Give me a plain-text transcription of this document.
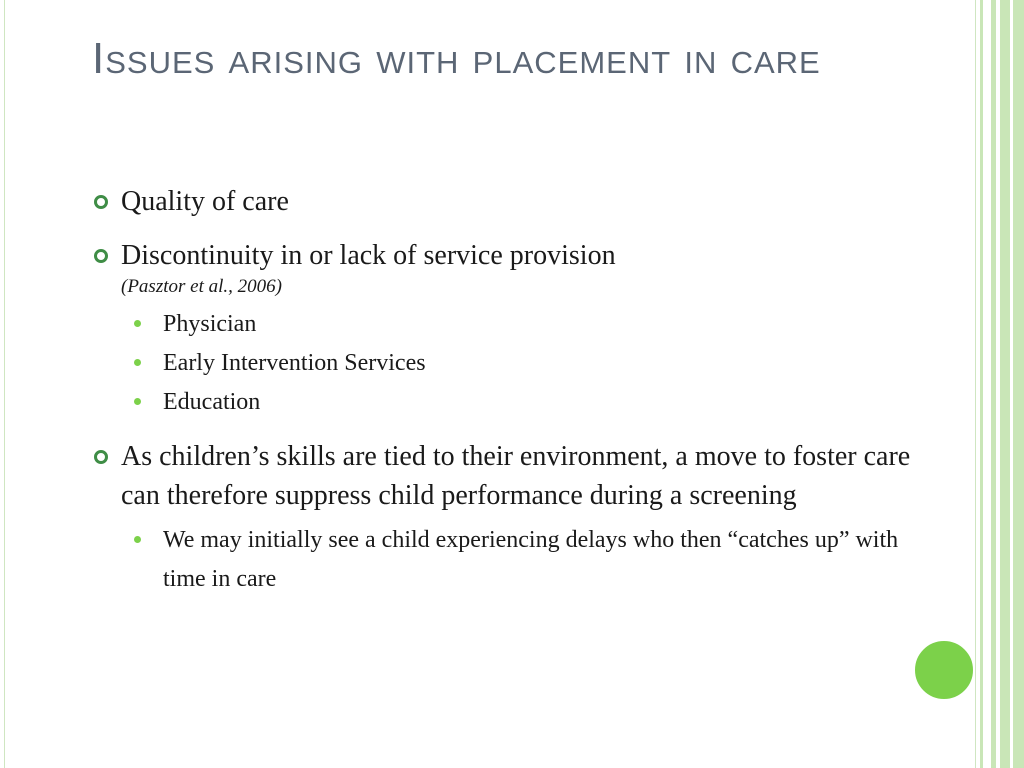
Issues arising with placement in care
Quality of care
Discontinuity in or lack of service provision
(Pasztor et al., 2006)
Physician
Early Intervention Services
Education
As children’s skills are tied to their environment, a move to foster care can therefore suppress child performance during a screening
We may initially see a child experiencing delays who then “catches up” with time in care
